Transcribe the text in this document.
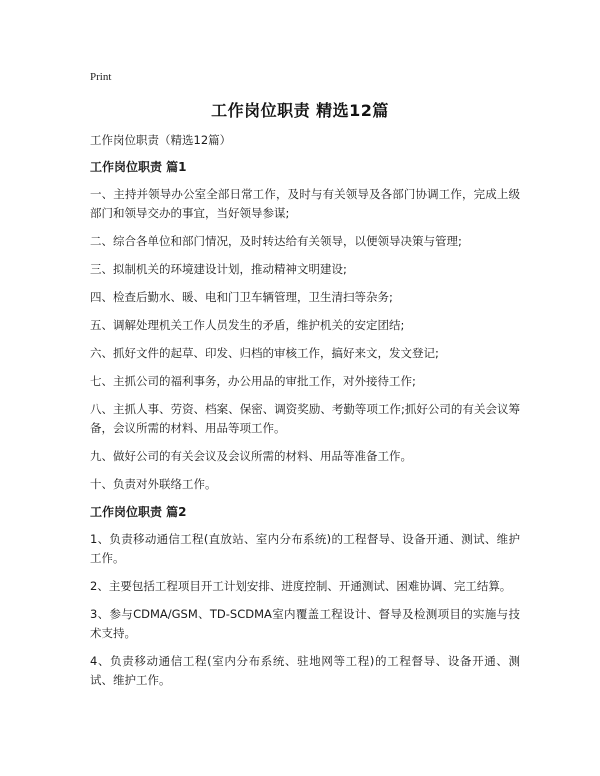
Print
工作岗位职责 精选12篇

工作岗位职责（精选12篇）

工作岗位职责 篇1

一、主持并领导办公室全部日常工作，及时与有关领导及各部门协调工作，完成上级部门和领导交办的事宜，当好领导参谋;

二、综合各单位和部门情况，及时转达给有关领导，以便领导决策与管理;

三、拟制机关的环境建设计划，推动精神文明建设;

四、检查后勤水、暖、电和门卫车辆管理，卫生清扫等杂务;

五、调解处理机关工作人员发生的矛盾，维护机关的安定团结;

六、抓好文件的起草、印发、归档的审核工作，搞好来文，发文登记;

七、主抓公司的福利事务，办公用品的审批工作，对外接待工作;

八、主抓人事、劳资、档案、保密、调资奖励、考勤等项工作;抓好公司的有关会议筹备，会议所需的材料、用品等项工作。

九、做好公司的有关会议及会议所需的材料、用品等准备工作。

十、负责对外联络工作。

工作岗位职责 篇2

1、负责移动通信工程(直放站、室内分布系统)的工程督导、设备开通、测试、维护工作。

2、主要包括工程项目开工计划安排、进度控制、开通测试、困难协调、完工结算。

3、参与CDMA/GSM、TD-SCDMA室内覆盖工程设计、督导及检测项目的实施与技术支持。

4、负责移动通信工程(室内分布系统、驻地网等工程)的工程督导、设备开通、测试、维护工作。
